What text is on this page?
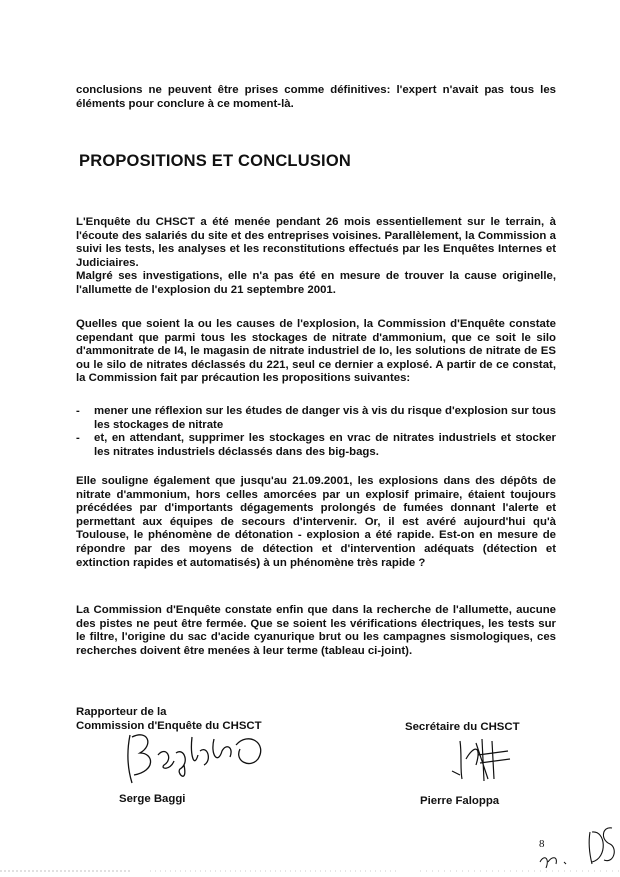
conclusions ne peuvent être prises comme définitives: l'expert n'avait pas tous les éléments pour conclure à ce moment-là.

PROPOSITIONS ET CONCLUSION

L'Enquête du CHSCT a été menée pendant 26 mois essentiellement sur le terrain, à l'écoute des salariés du site et des entreprises voisines. Parallèlement, la Commission a suivi les tests, les analyses et les reconstitutions effectués par les Enquêtes Internes et Judiciaires.

Malgré ses investigations, elle n'a pas été en mesure de trouver la cause originelle, l'allumette de l'explosion du 21 septembre 2001.

Quelles que soient la ou les causes de l'explosion, la Commission d'Enquête constate cependant que parmi tous les stockages de nitrate d'ammonium, que ce soit le silo d'ammonitrate de I4, le magasin de nitrate industriel de Io, les solutions de nitrate de ES ou le silo de nitrates déclassés du 221, seul ce dernier a explosé. A partir de ce constat, la Commission fait par précaution les propositions suivantes:

- mener une réflexion sur les études de danger vis à vis du risque d'explosion sur tous les stockages de nitrate
- et, en attendant, supprimer les stockages en vrac de nitrates industriels et stocker les nitrates industriels déclassés dans des big-bags.

Elle souligne également que jusqu'au 21.09.2001, les explosions dans des dépôts de nitrate d'ammonium, hors celles amorcées par un explosif primaire, étaient toujours précédées par d'importants dégagements prolongés de fumées donnant l'alerte et permettant aux équipes de secours d'intervenir. Or, il est avéré aujourd'hui qu'à Toulouse, le phénomène de détonation - explosion a été rapide. Est-on en mesure de répondre par des moyens de détection et d'intervention adéquats (détection et extinction rapides et automatisés) à un phénomène très rapide ?

La Commission d'Enquête constate enfin que dans la recherche de l'allumette, aucune des pistes ne peut être fermée. Que se soient les vérifications électriques, les tests sur le filtre, l'origine du sac d'acide cyanurique brut ou les campagnes sismologiques, ces recherches doivent être menées à leur terme (tableau ci-joint).

Rapporteur de la
Commission d'Enquête du CHSCT
Serge Baggi
Secrétaire du CHSCT
Pierre Faloppa
8
